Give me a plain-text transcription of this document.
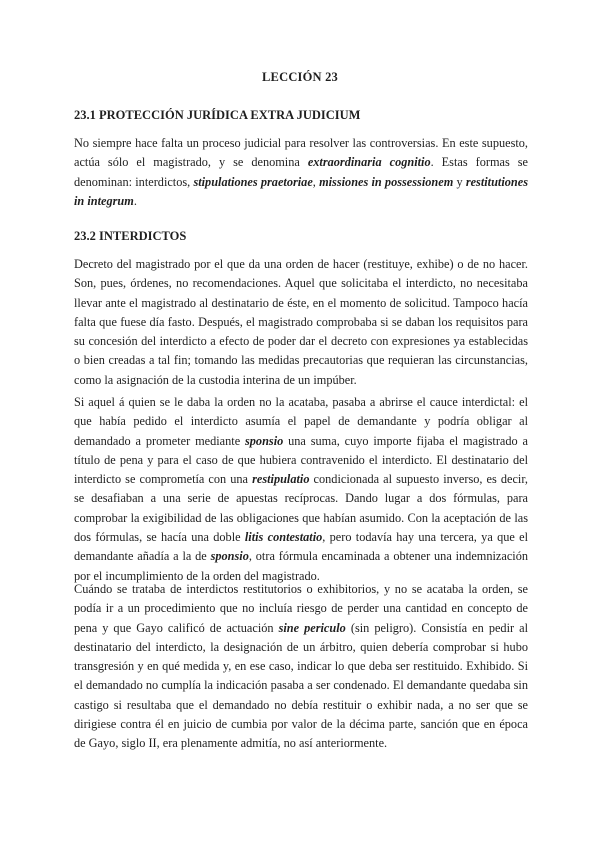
LECCIÓN 23
23.1 PROTECCIÓN JURÍDICA EXTRA JUDICIUM

No siempre hace falta un proceso judicial para resolver las controversias. En este supuesto, actúa sólo el magistrado, y se denomina extraordinaria cognitio. Estas formas se denominan: interdictos, stipulationes praetoriae, missiones in possessionem y restitutiones in integrum.

23.2 INTERDICTOS

Decreto del magistrado por el que da una orden de hacer (restituye, exhibe) o de no hacer. Son, pues, órdenes, no recomendaciones. Aquel que solicitaba el interdicto, no necesitaba llevar ante el magistrado al destinatario de éste, en el momento de solicitud. Tampoco hacía falta que fuese día fasto. Después, el magistrado comprobaba si se daban los requisitos para su concesión del interdicto a efecto de poder dar el decreto con expresiones ya establecidas o bien creadas a tal fin; tomando las medidas precautorias que requieran las circunstancias, como la asignación de la custodia interina de un impúber.

Si aquel á quien se le daba la orden no la acataba, pasaba a abrirse el cauce interdictal: el que había pedido el interdicto asumía el papel de demandante y podría obligar al demandado a prometer mediante sponsio una suma, cuyo importe fijaba el magistrado a título de pena y para el caso de que hubiera contravenido el interdicto. El destinatario del interdicto se comprometía con una restipulatio condicionada al supuesto inverso, es decir, se desafiaban a una serie de apuestas recíprocas. Dando lugar a dos fórmulas, para comprobar la exigibilidad de las obligaciones que habían asumido. Con la aceptación de las dos fórmulas, se hacía una doble litis contestatio, pero todavía hay una tercera, ya que el demandante añadía a la de sponsio, otra fórmula encaminada a obtener una indemnización por el incumplimiento de la orden del magistrado.

Cuándo se trataba de interdictos restitutorios o exhibitorios, y no se acataba la orden, se podía ir a un procedimiento que no incluía riesgo de perder una cantidad en concepto de pena y que Gayo calificó de actuación sine periculo (sin peligro). Consistía en pedir al destinatario del interdicto, la designación de un árbitro, quien debería comprobar si hubo transgresión y en qué medida y, en ese caso, indicar lo que deba ser restituido. Exhibido. Si el demandado no cumplía la indicación pasaba a ser condenado. El demandante quedaba sin castigo si resultaba que el demandado no debía restituir o exhibir nada, a no ser que se dirigiese contra él en juicio de cumbia por valor de la décima parte, sanción que en época de Gayo, siglo II, era plenamente admitía, no así anteriormente.
